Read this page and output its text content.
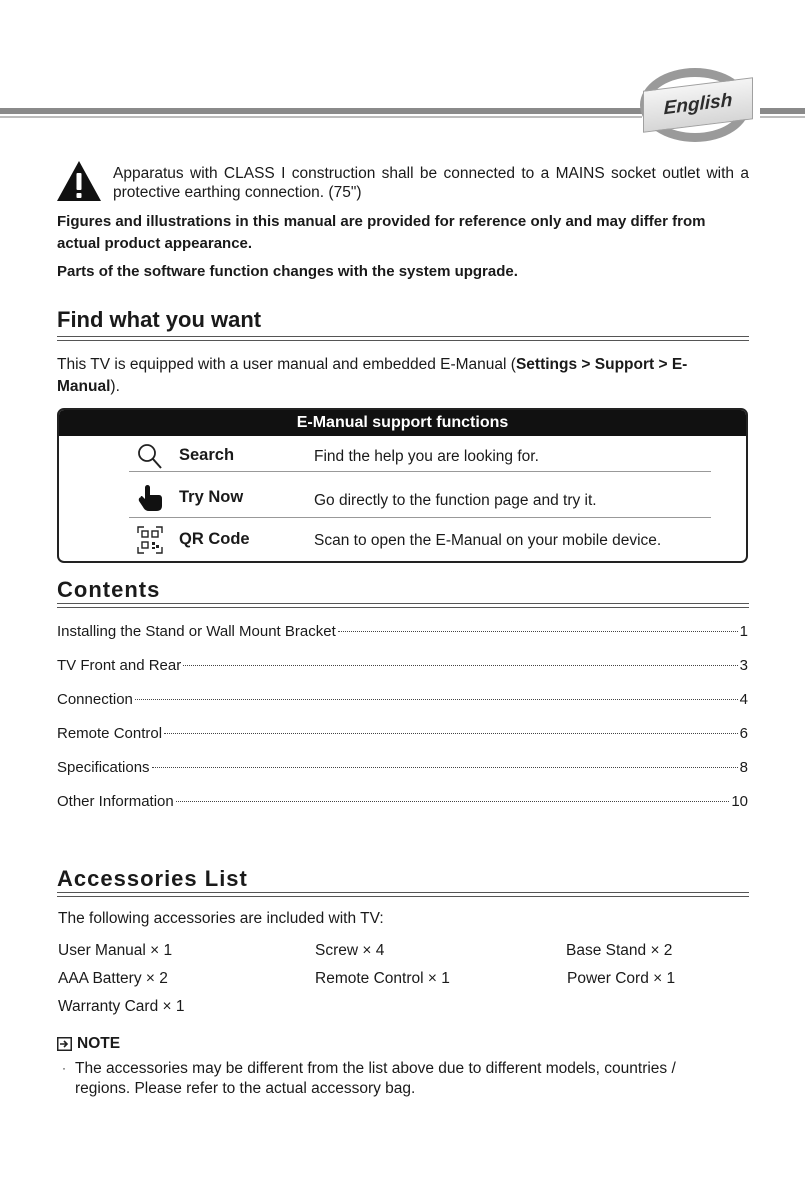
English
Apparatus with CLASS I construction shall be connected to a MAINS socket outlet with a protective earthing connection. (75")
Figures and illustrations in this manual are provided for reference only and may differ from actual product appearance.
Parts of the software function changes with the system upgrade.
Find what you want
This TV is equipped with a user manual and embedded E-Manual (Settings > Support > E-Manual).
E-Manual support functions
Search	Find the help you are looking for.
Try Now	Go directly to the function page and try it.
QR Code	Scan to open the E-Manual on your mobile device.
Contents
Installing the Stand or Wall Mount Bracket	1
TV Front and Rear	3
Connection	4
Remote Control	6
Specifications	8
Other Information	10
Accessories List
The following accessories are included with TV:
User Manual × 1	Screw × 4	Base Stand × 2
AAA Battery × 2	Remote Control × 1	Power Cord × 1
Warranty Card × 1
NOTE
· The accessories may be different from the list above due to different models, countries / regions. Please refer to the actual accessory bag.
